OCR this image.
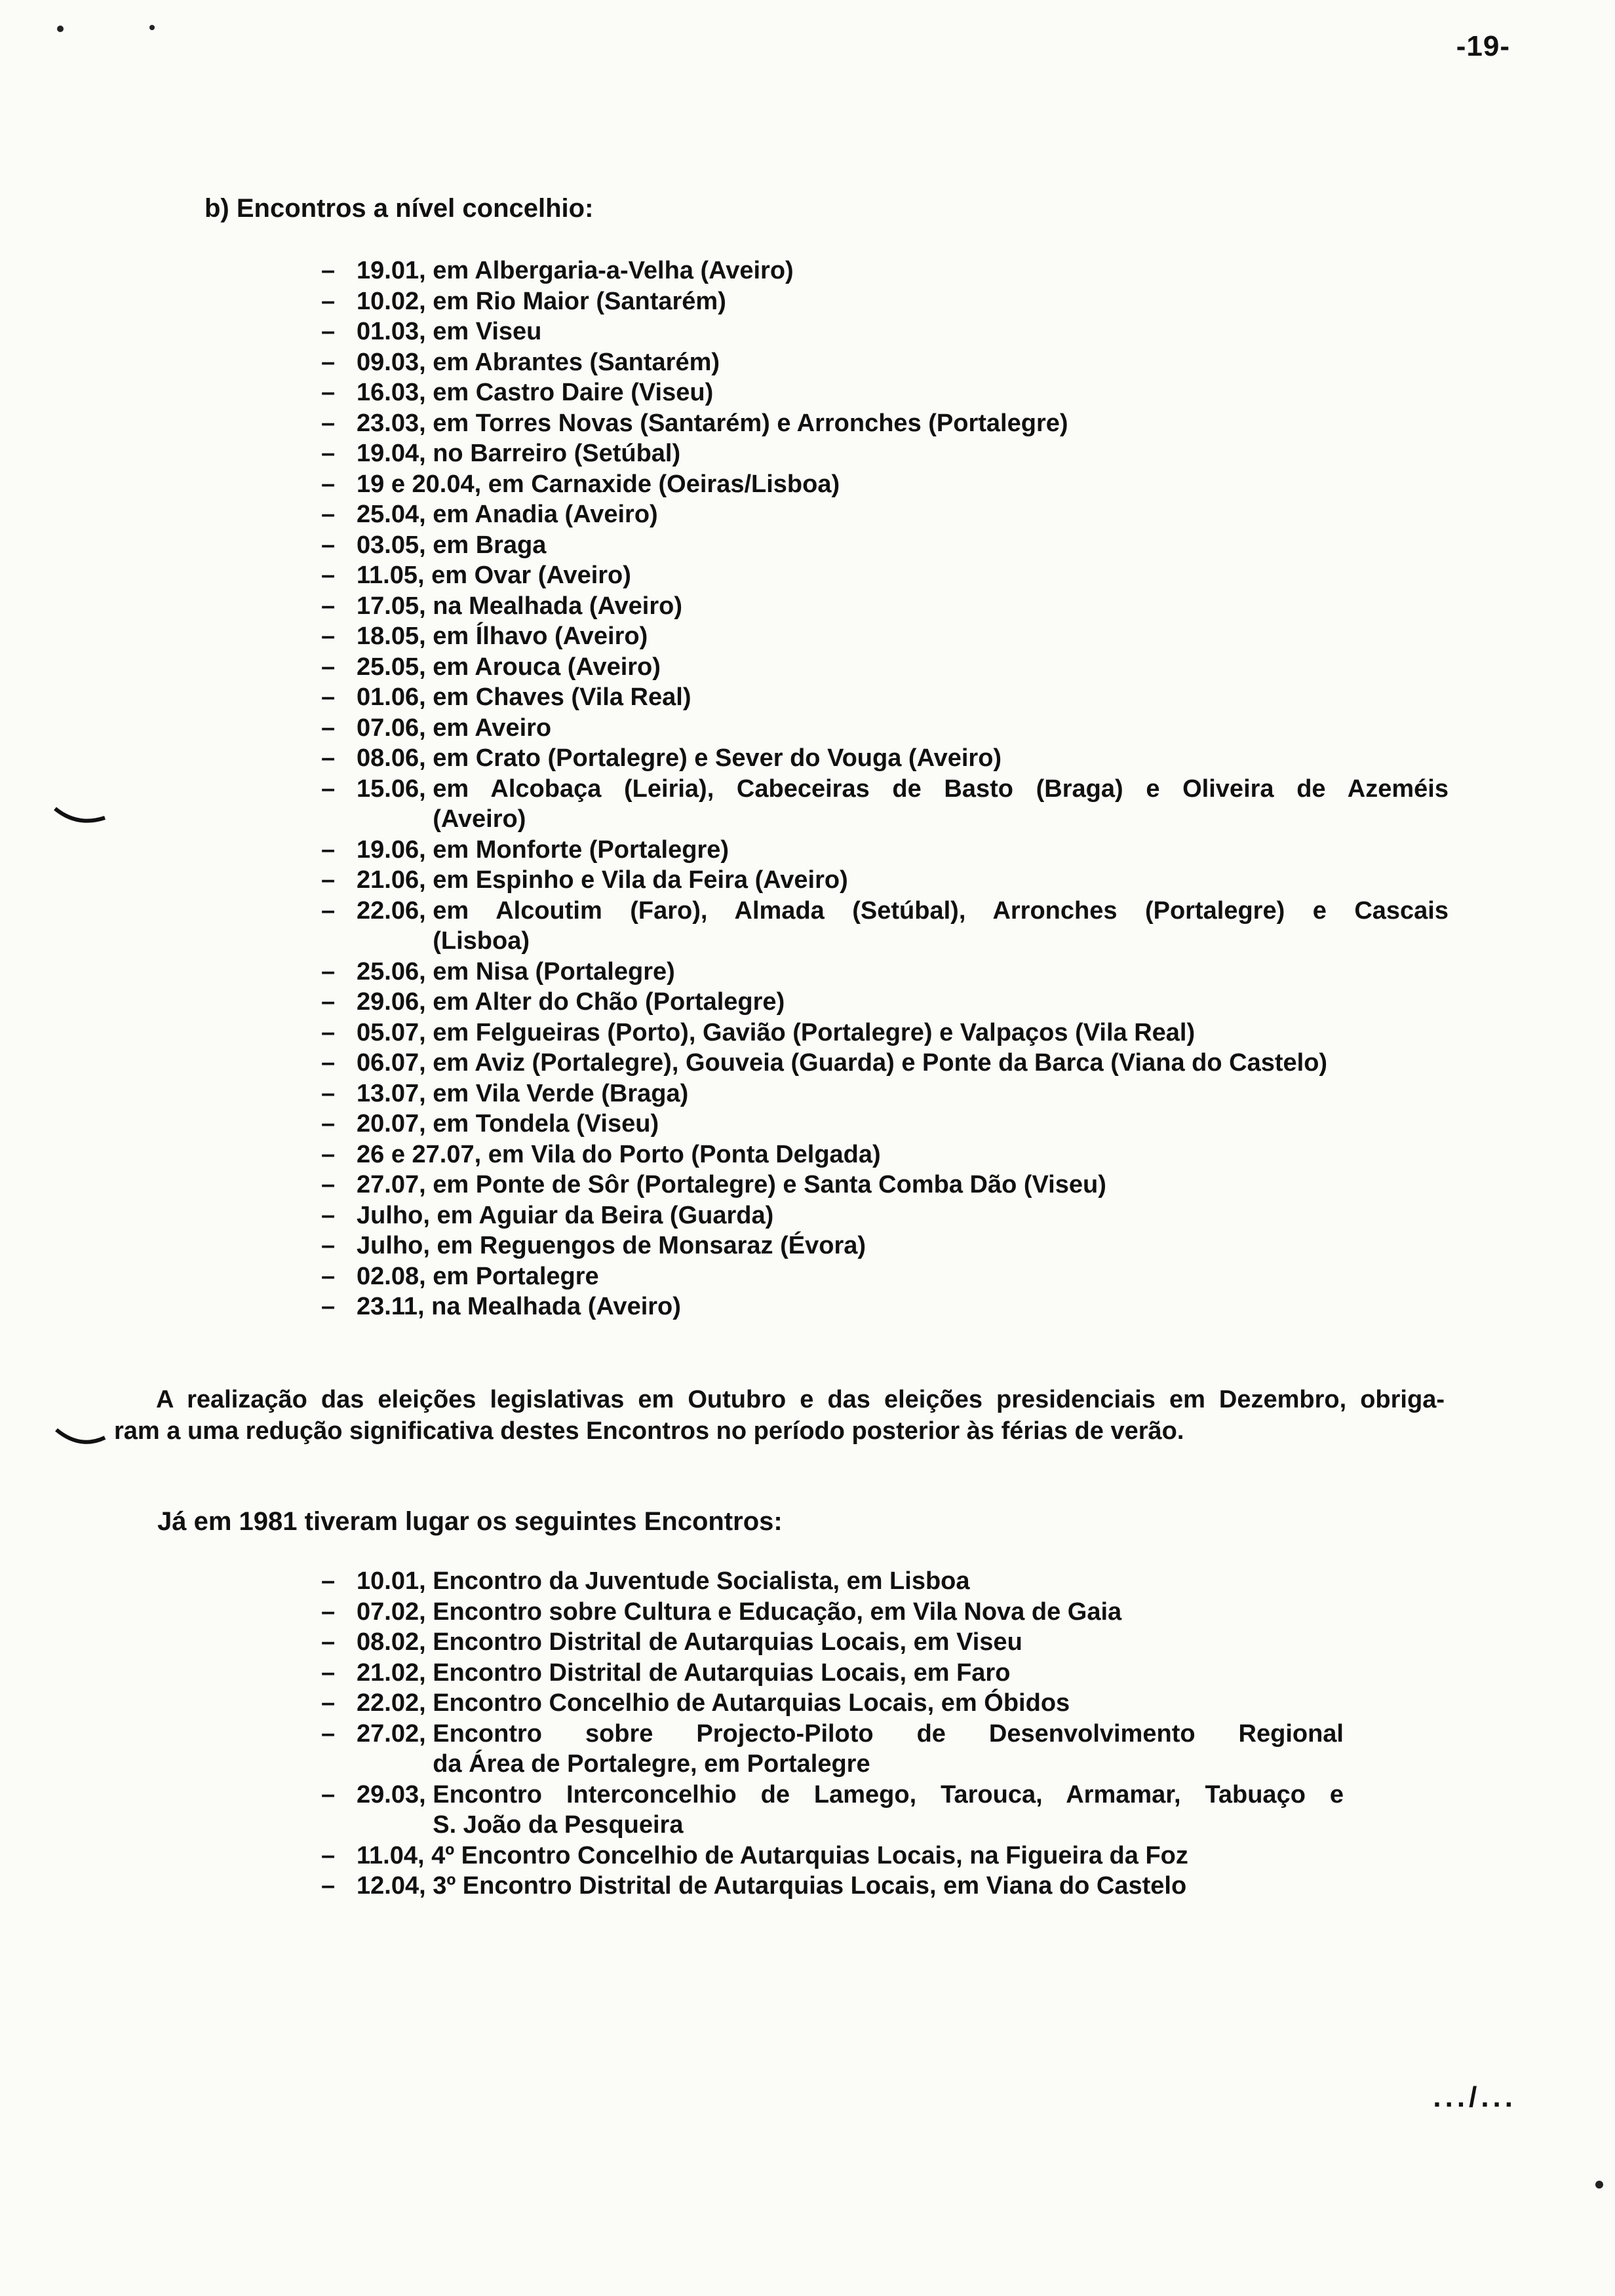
-19-
b) Encontros a nível concelhio:
– 19.01, em Albergaria-a-Velha (Aveiro)
– 10.02, em Rio Maior (Santarém)
– 01.03, em Viseu
– 09.03, em Abrantes (Santarém)
– 16.03, em Castro Daire (Viseu)
– 23.03, em Torres Novas (Santarém) e Arronches (Portalegre)
– 19.04, no Barreiro (Setúbal)
– 19 e 20.04, em Carnaxide (Oeiras/Lisboa)
– 25.04, em Anadia (Aveiro)
– 03.05, em Braga
– 11.05, em Ovar (Aveiro)
– 17.05, na Mealhada (Aveiro)
– 18.05, em Ílhavo (Aveiro)
– 25.05, em Arouca (Aveiro)
– 01.06, em Chaves (Vila Real)
– 07.06, em Aveiro
– 08.06, em Crato (Portalegre) e Sever do Vouga (Aveiro)
– 15.06, em Alcobaça (Leiria), Cabeceiras de Basto (Braga) e Oliveira de Azeméis
(Aveiro)
– 19.06, em Monforte (Portalegre)
– 21.06, em Espinho e Vila da Feira (Aveiro)
– 22.06, em Alcoutim (Faro), Almada (Setúbal), Arronches (Portalegre) e Cascais
(Lisboa)
– 25.06, em Nisa (Portalegre)
– 29.06, em Alter do Chão (Portalegre)
– 05.07, em Felgueiras (Porto), Gavião (Portalegre) e Valpaços (Vila Real)
– 06.07, em Aviz (Portalegre), Gouveia (Guarda) e Ponte da Barca (Viana do Castelo)
– 13.07, em Vila Verde (Braga)
– 20.07, em Tondela (Viseu)
– 26 e 27.07, em Vila do Porto (Ponta Delgada)
– 27.07, em Ponte de Sôr (Portalegre) e Santa Comba Dão (Viseu)
– Julho, em Aguiar da Beira (Guarda)
– Julho, em Reguengos de Monsaraz (Évora)
– 02.08, em Portalegre
– 23.11, na Mealhada (Aveiro)
A realização das eleições legislativas em Outubro e das eleições presidenciais em Dezembro, obriga-
ram a uma redução significativa destes Encontros no período posterior às férias de verão.

Já em 1981 tiveram lugar os seguintes Encontros:

– 10.01, Encontro da Juventude Socialista, em Lisboa
– 07.02, Encontro sobre Cultura e Educação, em Vila Nova de Gaia
– 08.02, Encontro Distrital de Autarquias Locais, em Viseu
– 21.02, Encontro Distrital de Autarquias Locais, em Faro
– 22.02, Encontro Concelhio de Autarquias Locais, em Óbidos
– 27.02, Encontro sobre Projecto-Piloto de Desenvolvimento Regional
da Área de Portalegre, em Portalegre
– 29.03, Encontro Interconcelhio de Lamego, Tarouca, Armamar, Tabuaço e
S. João da Pesqueira
– 11.04, 4º Encontro Concelhio de Autarquias Locais, na Figueira da Foz
– 12.04, 3º Encontro Distrital de Autarquias Locais, em Viana do Castelo
.../...
